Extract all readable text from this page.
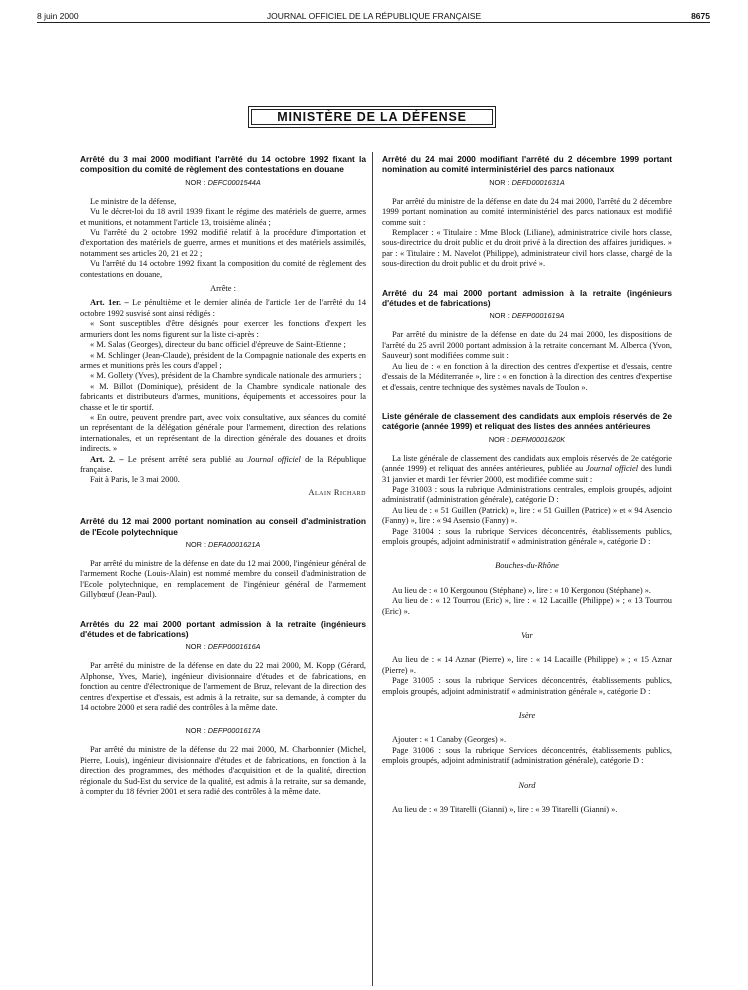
8 juin 2000	JOURNAL OFFICIEL DE LA RÉPUBLIQUE FRANÇAISE	8675
MINISTÈRE DE LA DÉFENSE

Arrêté du 3 mai 2000 modifiant l'arrêté du 14 octobre 1992 fixant la composition du comité de règlement des contestations en douane

NOR : DEFC0001544A

Le ministre de la défense,

Vu le décret-loi du 18 avril 1939 fixant le régime des matériels de guerre, armes et munitions, et notamment l'article 13, troisième alinéa ;

Vu l'arrêté du 2 octobre 1992 modifié relatif à la procédure d'importation et d'exportation des matériels de guerre, armes et munitions et des matériels assimilés, notamment ses articles 20, 21 et 22 ;

Vu l'arrêté du 14 octobre 1992 fixant la composition du comité de règlement des contestations en douane,

Arrête :

Art. 1er. – Le pénultième et le dernier alinéa de l'article 1er de l'arrêté du 14 octobre 1992 susvisé sont ainsi rédigés :

« Sont susceptibles d'être désignés pour exercer les fonctions d'expert les armuriers dont les noms figurent sur la liste ci-après :

« M. Salas (Georges), directeur du banc officiel d'épreuve de Saint-Etienne ;

« M. Schlinger (Jean-Claude), président de la Compagnie nationale des experts en armes et munitions près les cours d'appel ;

« M. Gollety (Yves), président de la Chambre syndicale nationale des armuriers ;

« M. Billot (Dominique), président de la Chambre syndicale nationale des fabricants et distributeurs d'armes, munitions, équipements et accessoires pour la chasse et le tir sportif.

« En outre, peuvent prendre part, avec voix consultative, aux séances du comité un représentant de la délégation générale pour l'armement, direction des relations internationales, et un représentant de la direction générale des douanes et droits indirects. »

Art. 2. – Le présent arrêté sera publié au Journal officiel de la République française.

Fait à Paris, le 3 mai 2000.

Alain Richard

Arrêté du 12 mai 2000 portant nomination au conseil d'administration de l'Ecole polytechnique

NOR : DEFA0001621A

Par arrêté du ministre de la défense en date du 12 mai 2000, l'ingénieur général de l'armement Roche (Louis-Alain) est nommé membre du conseil d'administration de l'Ecole polytechnique, en remplacement de l'ingénieur général de l'armement Gillybœuf (Jean-Paul).

Arrêtés du 22 mai 2000 portant admission à la retraite (ingénieurs d'études et de fabrications)

NOR : DEFP0001616A

Par arrêté du ministre de la défense en date du 22 mai 2000, M. Kopp (Gérard, Alphonse, Yves, Marie), ingénieur divisionnaire d'études et de fabrications, en fonction au centre d'électronique de l'armement de Bruz, relevant de la direction des centres d'expertise et d'essais, est admis à la retraite, sur sa demande, à compter du 14 octobre 2000 et sera radié des contrôles à la même date.

NOR : DEFP0001617A

Par arrêté du ministre de la défense du 22 mai 2000, M. Charbonnier (Michel, Pierre, Louis), ingénieur divisionnaire d'études et de fabrications, en fonction à la direction des programmes, des méthodes d'acquisition et de la qualité, direction régionale du Sud-Est du service de la qualité, est admis à la retraite, sur sa demande, à compter du 18 février 2001 et sera radié des contrôles à la même date.

Arrêté du 24 mai 2000 modifiant l'arrêté du 2 décembre 1999 portant nomination au comité interministériel des parcs nationaux

NOR : DEFD0001631A

Par arrêté du ministre de la défense en date du 24 mai 2000, l'arrêté du 2 décembre 1999 portant nomination au comité interministériel des parcs nationaux est modifié comme suit :

Remplacer : « Titulaire : Mme Block (Liliane), administratrice civile hors classe, sous-directrice du droit public et du droit privé à la direction des affaires juridiques. » par : « Titulaire : M. Navelot (Philippe), administrateur civil hors classe, chargé de la sous-direction du droit public et du droit privé ».

Arrêté du 24 mai 2000 portant admission à la retraite (ingénieurs d'études et de fabrications)

NOR : DEFP0001619A

Par arrêté du ministre de la défense en date du 24 mai 2000, les dispositions de l'arrêté du 25 avril 2000 portant admission à la retraite concernant M. Alberca (Yvon, Sauveur) sont modifiées comme suit :

Au lieu de : « en fonction à la direction des centres d'expertise et d'essais, centre d'essais de la Méditerranée », lire : « en fonction à la direction des centres d'expertise et d'essais, centre technique des systèmes navals de Toulon ».

Liste générale de classement des candidats aux emplois réservés de 2e catégorie (année 1999) et reliquat des listes des années antérieures

NOR : DEFM0001620K

La liste générale de classement des candidats aux emplois réservés de 2e catégorie (année 1999) et reliquat des années antérieures, publiée au Journal officiel des lundi 31 janvier et mardi 1er février 2000, est modifiée comme suit :

Page 31003 : sous la rubrique Administrations centrales, emplois groupés, adjoint administratif (administration générale), catégorie D :

Au lieu de : « 51 Guillen (Patrick) », lire : « 51 Guillen (Patrice) » et « 94 Asencio (Fanny) », lire : « 94 Asensio (Fanny) ».

Page 31004 : sous la rubrique Services déconcentrés, établissements publics, emplois groupés, adjoint administratif « administration générale », catégorie D :

Bouches-du-Rhône

Au lieu de : « 10 Kergounou (Stéphane) », lire : « 10 Kergonou (Stéphane) ».

Au lieu de : « 12 Tourrou (Eric) », lire : « 12 Lacaille (Philippe) » ; « 13 Tourrou (Eric) ».

Var

Au lieu de : « 14 Aznar (Pierre) », lire : « 14 Lacaille (Philippe) » ; « 15 Aznar (Pierre) ».

Page 31005 : sous la rubrique Services déconcentrés, établissements publics, emplois groupés, adjoint administratif « administration générale », catégorie D :

Isère

Ajouter : « 1 Canaby (Georges) ».

Page 31006 : sous la rubrique Services déconcentrés, établissements publics, emplois groupés, adjoint administratif (administration générale), catégorie D :

Nord

Au lieu de : « 39 Titarelli (Gianni) », lire : « 39 Titarelli (Gianni) ».
